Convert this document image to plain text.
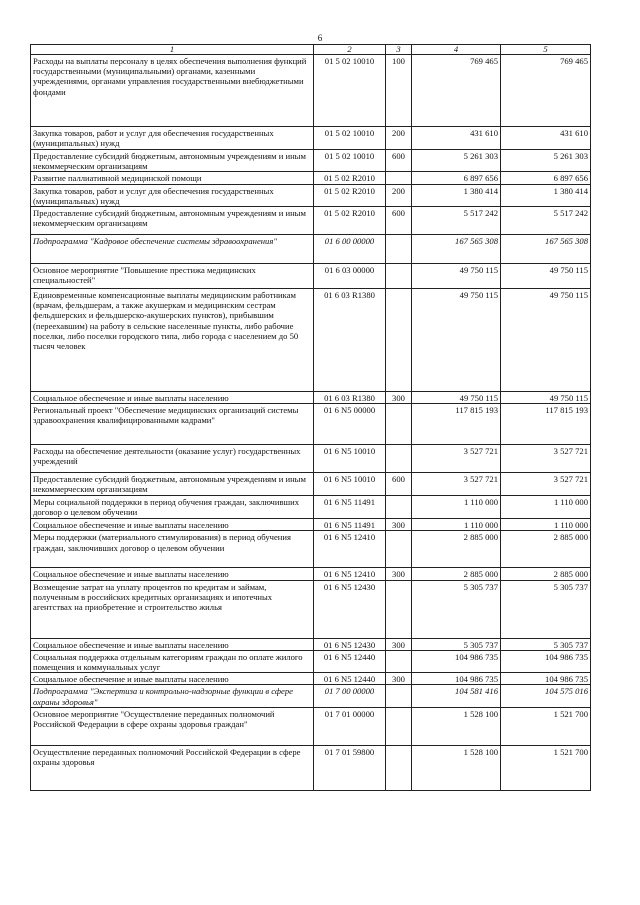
6
1	2	3	4	5
Расходы на выплаты персоналу в целях обеспечения выполнения функций государственными (муниципальными) органами, казенными учреждениями, органами управления государственными внебюджетными фондами	01 5 02 10010	100	769 465	769 465
Закупка товаров, работ и услуг для обеспечения государственных (муниципальных) нужд	01 5 02 10010	200	431 610	431 610
Предоставление субсидий бюджетным, автономным учреждениям и иным некоммерческим организациям	01 5 02 10010	600	5 261 303	5 261 303
Развитие паллиативной медицинской помощи	01 5 02 R2010		6 897 656	6 897 656
Закупка товаров, работ и услуг для обеспечения государственных (муниципальных) нужд	01 5 02 R2010	200	1 380 414	1 380 414
Предоставление субсидий бюджетным, автономным учреждениям и иным некоммерческим организациям	01 5 02 R2010	600	5 517 242	5 517 242
Подпрограмма "Кадровое обеспечение системы здравоохранения"	01 6 00 00000		167 565 308	167 565 308
Основное мероприятие "Повышение престижа медицинских специальностей"	01 6 03 00000		49 750 115	49 750 115
Единовременные компенсационные выплаты медицинским работникам (врачам, фельдшерам, а также акушеркам и медицинским сестрам фельдшерских и фельдшерско-акушерских пунктов), прибывшим (переехавшим) на работу в сельские населенные пункты, либо рабочие поселки, либо поселки городского типа, либо города с населением до 50 тысяч человек	01 6 03 R1380		49 750 115	49 750 115
Социальное обеспечение и иные выплаты населению	01 6 03 R1380	300	49 750 115	49 750 115
Региональный проект "Обеспечение медицинских организаций системы здравоохранения квалифицированными кадрами"	01 6 N5 00000		117 815 193	117 815 193
Расходы на обеспечение деятельности (оказание услуг) государственных учреждений	01 6 N5 10010		3 527 721	3 527 721
Предоставление субсидий бюджетным, автономным учреждениям и иным некоммерческим организациям	01 6 N5 10010	600	3 527 721	3 527 721
Меры социальной поддержки в период обучения граждан, заключивших договор о целевом обучении	01 6 N5 11491		1 110 000	1 110 000
Социальное обеспечение и иные выплаты населению	01 6 N5 11491	300	1 110 000	1 110 000
Меры поддержки (материального стимулирования) в период обучения граждан, заключивших договор о целевом обучении	01 6 N5 12410		2 885 000	2 885 000
Социальное обеспечение и иные выплаты населению	01 6 N5 12410	300	2 885 000	2 885 000
Возмещение затрат на уплату процентов по кредитам и займам, полученным в российских кредитных организациях и ипотечных агентствах на приобретение и строительство жилья	01 6 N5 12430		5 305 737	5 305 737
Социальное обеспечение и иные выплаты населению	01 6 N5 12430	300	5 305 737	5 305 737
Социальная поддержка отдельным категориям граждан по оплате жилого помещения и коммунальных услуг	01 6 N5 12440		104 986 735	104 986 735
Социальное обеспечение и иные выплаты населению	01 6 N5 12440	300	104 986 735	104 986 735
Подпрограмма "Экспертиза и контрольно-надзорные функции в сфере охраны здоровья"	01 7 00 00000		104 581 416	104 575 016
Основное мероприятие "Осуществление переданных полномочий Российской Федерации в сфере охраны здоровья граждан"	01 7 01 00000		1 528 100	1 521 700
Осуществление переданных полномочий Российской Федерации в сфере охраны здоровья	01 7 01 59800		1 528 100	1 521 700
